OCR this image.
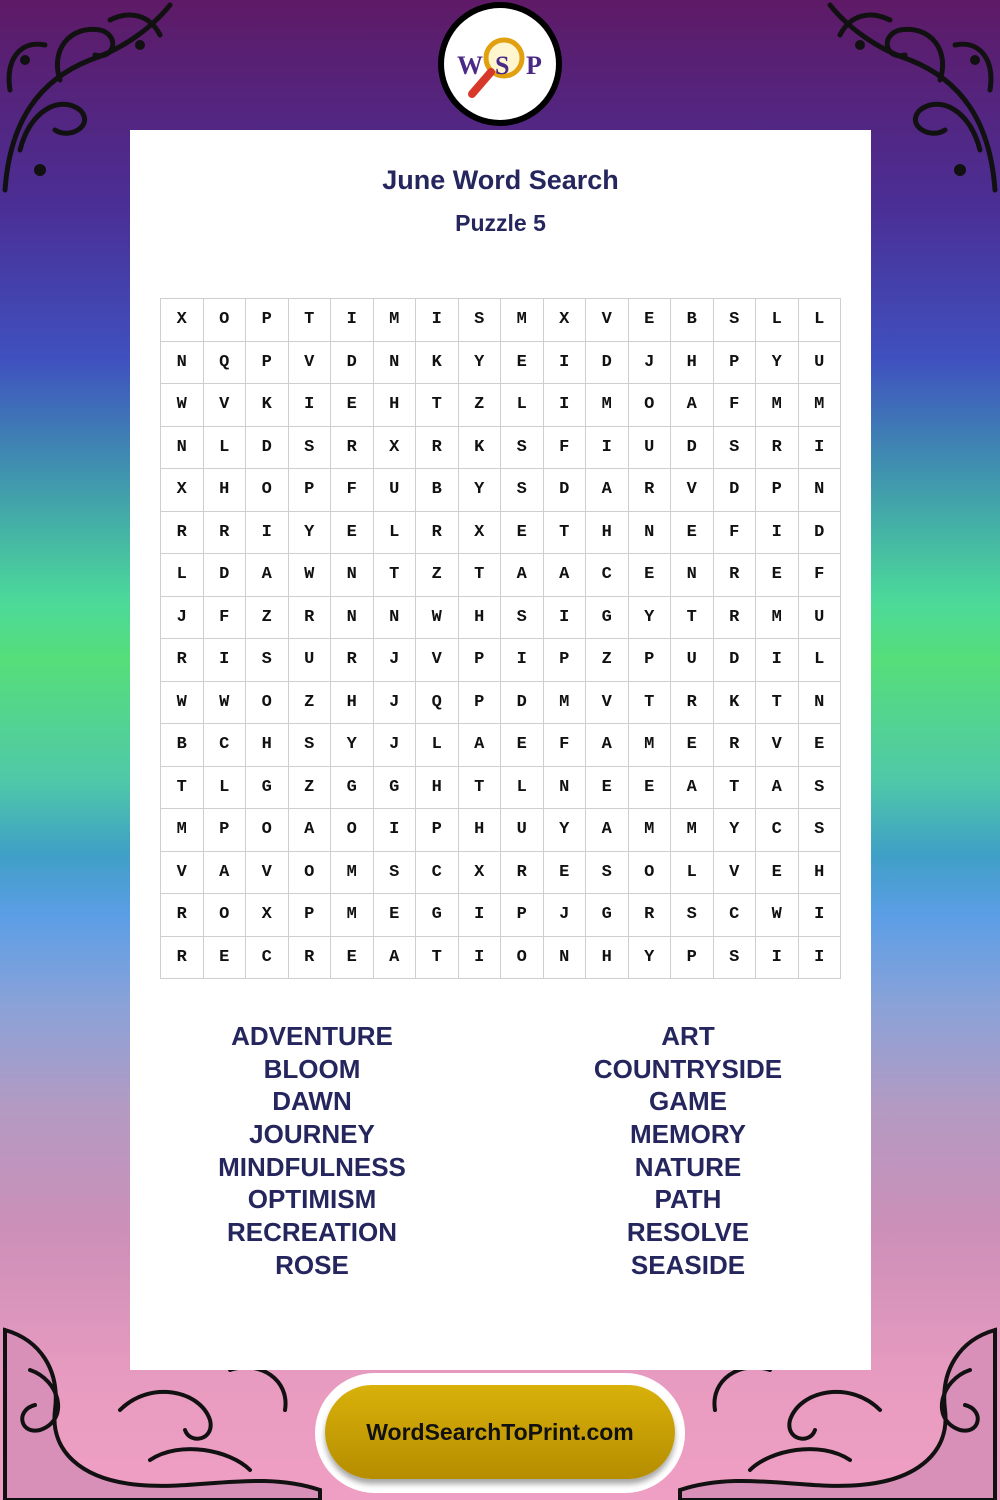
W S P
June Word Search
Puzzle 5
X	O	P	T	I	M	I	S	M	X	V	E	B	S	L	L
N	Q	P	V	D	N	K	Y	E	I	D	J	H	P	Y	U
W	V	K	I	E	H	T	Z	L	I	M	O	A	F	M	M
N	L	D	S	R	X	R	K	S	F	I	U	D	S	R	I
X	H	O	P	F	U	B	Y	S	D	A	R	V	D	P	N
R	R	I	Y	E	L	R	X	E	T	H	N	E	F	I	D
L	D	A	W	N	T	Z	T	A	A	C	E	N	R	E	F
J	F	Z	R	N	N	W	H	S	I	G	Y	T	R	M	U
R	I	S	U	R	J	V	P	I	P	Z	P	U	D	I	L
W	W	O	Z	H	J	Q	P	D	M	V	T	R	K	T	N
B	C	H	S	Y	J	L	A	E	F	A	M	E	R	V	E
T	L	G	Z	G	G	H	T	L	N	E	E	A	T	A	S
M	P	O	A	O	I	P	H	U	Y	A	M	M	Y	C	S
V	A	V	O	M	S	C	X	R	E	S	O	L	V	E	H
R	O	X	P	M	E	G	I	P	J	G	R	S	C	W	I
R	E	C	R	E	A	T	I	O	N	H	Y	P	S	I	I
ADVENTURE
BLOOM
DAWN
JOURNEY
MINDFULNESS
OPTIMISM
RECREATION
ROSE
ART
COUNTRYSIDE
GAME
MEMORY
NATURE
PATH
RESOLVE
SEASIDE
WordSearchToPrint.com
